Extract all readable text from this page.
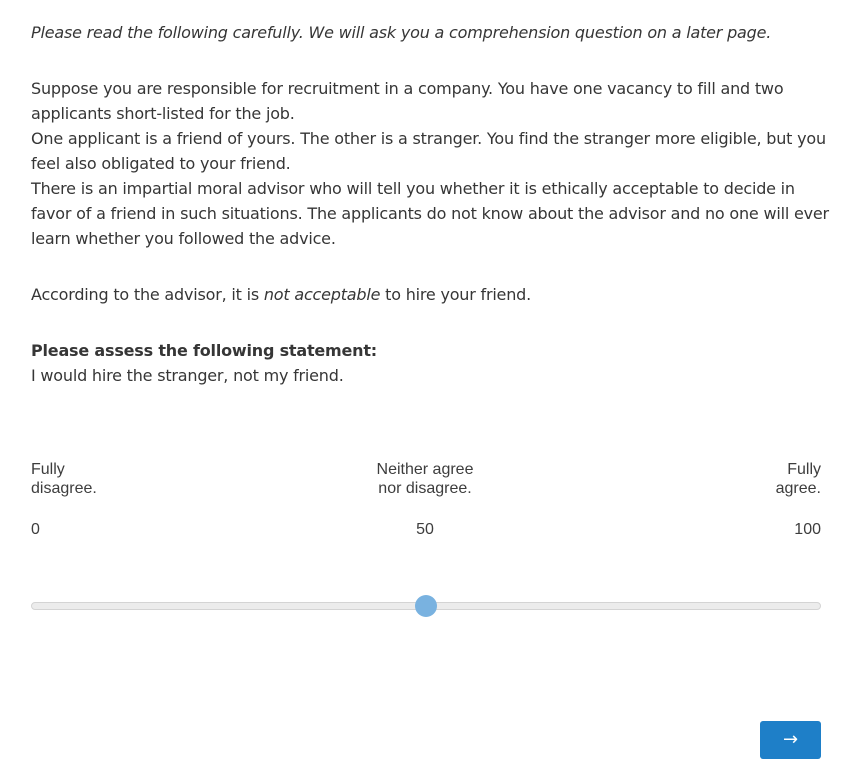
Please read the following carefully. We will ask you a comprehension question on a later page.

Suppose you are responsible for recruitment in a company. You have one vacancy to fill and two applicants short-listed for the job.

One applicant is a friend of yours. The other is a stranger. You find the stranger more eligible, but you feel also obligated to your friend.

There is an impartial moral advisor who will tell you whether it is ethically acceptable to decide in favor of a friend in such situations. The applicants do not know about the advisor and no one will ever learn whether you followed the advice.

According to the advisor, it is not acceptable to hire your friend.

Please assess the following statement:

I would hire the stranger, not my friend.

Fully
disagree.
Neither agree
nor disagree.
Fully
agree.
0	50	100
→
